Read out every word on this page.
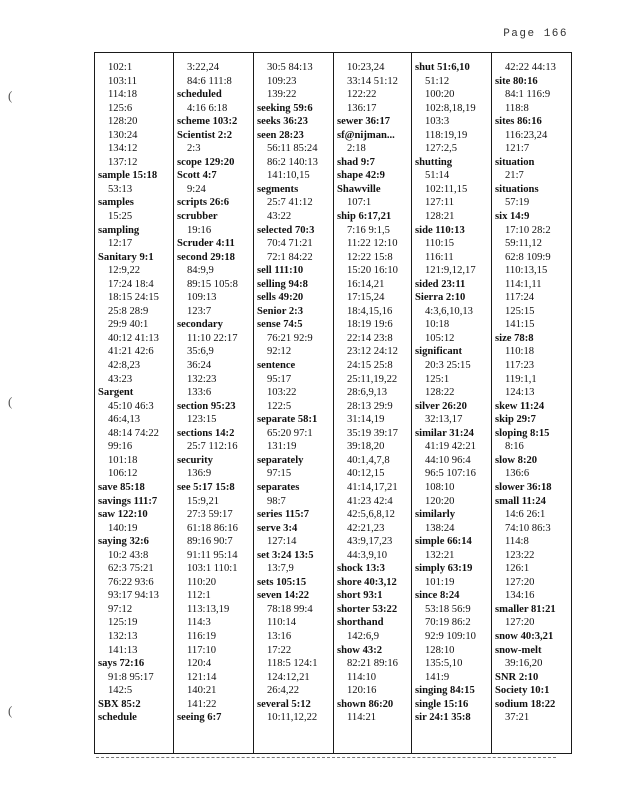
Page 166
(
(
(
102:1
103:11
114:18
125:6
128:20
130:24
134:12
137:12
sample 15:18
53:13
samples
15:25
sampling
12:17
Sanitary 9:1
12:9,22
17:24 18:4
18:15 24:15
25:8 28:9
29:9 40:1
40:12 41:13
41:21 42:6
42:8,23
43:23
Sargent
45:10 46:3
46:4,13
48:14 74:22
99:16
101:18
106:12
save 85:18
savings 111:7
saw 122:10
140:19
saying 32:6
10:2 43:8
62:3 75:21
76:22 93:6
93:17 94:13
97:12
125:19
132:13
141:13
says 72:16
91:8 95:17
142:5
SBX 85:2
schedule
3:22,24
84:6 111:8
scheduled
4:16 6:18
scheme 103:2
Scientist 2:2
2:3
scope 129:20
Scott 4:7
9:24
scripts 26:6
scrubber
19:16
Scruder 4:11
second 29:18
84:9,9
89:15 105:8
109:13
123:7
secondary
11:10 22:17
35:6,9
36:24
132:23
133:6
section 95:23
123:15
sections 14:2
25:7 112:16
security
136:9
see 5:17 15:8
15:9,21
27:3 59:17
61:18 86:16
89:16 90:7
91:11 95:14
103:1 110:1
110:20
112:1
113:13,19
114:3
116:19
117:10
120:4
121:14
140:21
141:22
seeing 6:7
30:5 84:13
109:23
139:22
seeking 59:6
seeks 36:23
seen 28:23
56:11 85:24
86:2 140:13
141:10,15
segments
25:7 41:12
43:22
selected 70:3
70:4 71:21
72:1 84:22
sell 111:10
selling 94:8
sells 49:20
Senior 2:3
sense 74:5
76:21 92:9
92:12
sentence
95:17
103:22
122:5
separate 58:1
65:20 97:1
131:19
separately
97:15
separates
98:7
series 115:7
serve 3:4
127:14
set 3:24 13:5
13:7,9
sets 105:15
seven 14:22
78:18 99:4
110:14
13:16
17:22
118:5 124:1
124:12,21
26:4,22
several 5:12
10:11,12,22
10:23,24
33:14 51:12
122:22
136:17
sewer 36:17
sf@nijman...
2:18
shad 9:7
shape 42:9
Shawville
107:1
ship 6:17,21
7:16 9:1,5
11:22 12:10
12:22 15:8
15:20 16:10
16:14,21
17:15,24
18:4,15,16
18:19 19:6
22:14 23:8
23:12 24:12
24:15 25:8
25:11,19,22
28:6,9,13
28:13 29:9
31:14,19
35:19 39:17
39:18,20
40:1,4,7,8
40:12,15
41:14,17,21
41:23 42:4
42:5,6,8,12
42:21,23
43:9,17,23
44:3,9,10
shock 13:3
shore 40:3,12
short 93:1
shorter 53:22
shorthand
142:6,9
show 43:2
82:21 89:16
114:10
120:16
shown 86:20
114:21
shut 51:6,10
51:12
100:20
102:8,18,19
103:3
118:19,19
127:2,5
shutting
51:14
102:11,15
127:11
128:21
side 110:13
110:15
116:11
121:9,12,17
sided 23:11
Sierra 2:10
4:3,6,10,13
10:18
105:12
significant
20:3 25:15
125:1
128:22
silver 26:20
32:13,17
similar 31:24
41:19 42:21
44:10 96:4
96:5 107:16
108:10
120:20
similarly
138:24
simple 66:14
132:21
simply 63:19
101:19
since 8:24
53:18 56:9
70:19 86:2
92:9 109:10
128:10
135:5,10
141:9
singing 84:15
single 15:16
sir 24:1 35:8
42:22 44:13
site 80:16
84:1 116:9
118:8
sites 86:16
116:23,24
121:7
situation
21:7
situations
57:19
six 14:9
17:10 28:2
59:11,12
62:8 109:9
110:13,15
114:1,11
117:24
125:15
141:15
size 78:8
110:18
117:23
119:1,1
124:13
skew 11:24
skip 29:7
sloping 8:15
8:16
slow 8:20
136:6
slower 36:18
small 11:24
14:6 26:1
74:10 86:3
114:8
123:22
126:1
127:20
134:16
smaller 81:21
127:20
snow 40:3,21
snow-melt
39:16,20
SNR 2:10
Society 10:1
sodium 18:22
37:21
